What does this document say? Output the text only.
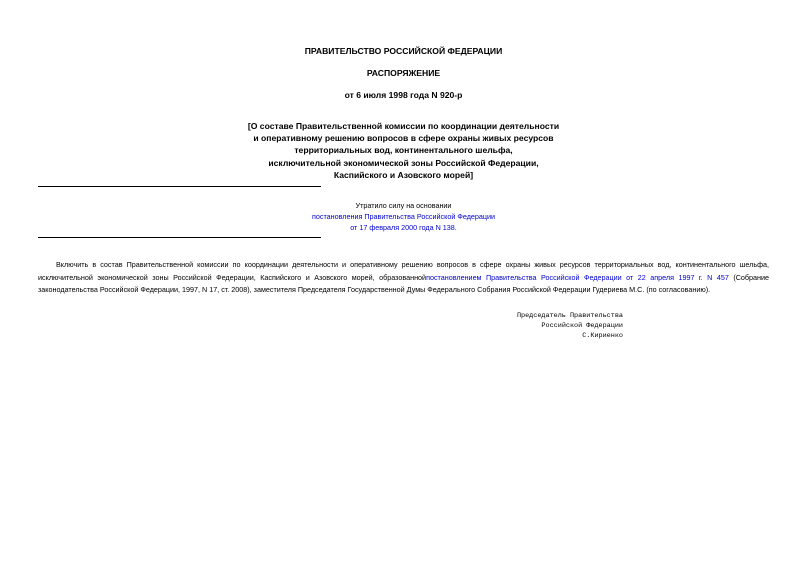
ПРАВИТЕЛЬСТВО РОССИЙСКОЙ ФЕДЕРАЦИИ
РАСПОРЯЖЕНИЕ
от 6 июля 1998 года N 920-р
[О составе Правительственной комиссии по координации деятельности
и оперативному решению вопросов в сфере охраны живых ресурсов
территориальных вод, континентального шельфа,
исключительной экономической зоны Российской Федерации,
Каспийского и Азовского морей]
Утратило силу на основании
постановления Правительства Российской Федерации
от 17 февраля 2000 года N 138.
Включить в состав Правительственной комиссии по координации деятельности и оперативному решению вопросов в сфере охраны живых ресурсов территориальных вод, континентального шельфа, исключительной экономической зоны Российской Федерации, Каспийского и Азовского морей, образованнойпостановлением Правительства Российской Федерации от 22 апреля 1997 г. N 457 (Собрание законодательства Российской Федерации, 1997, N 17, ст. 2008), заместителя Председателя Государственной Думы Федерального Собрания Российской Федерации Гудериева М.С. (по согласованию).
Председатель Правительства
Российской Федерации
С.Кириенко
